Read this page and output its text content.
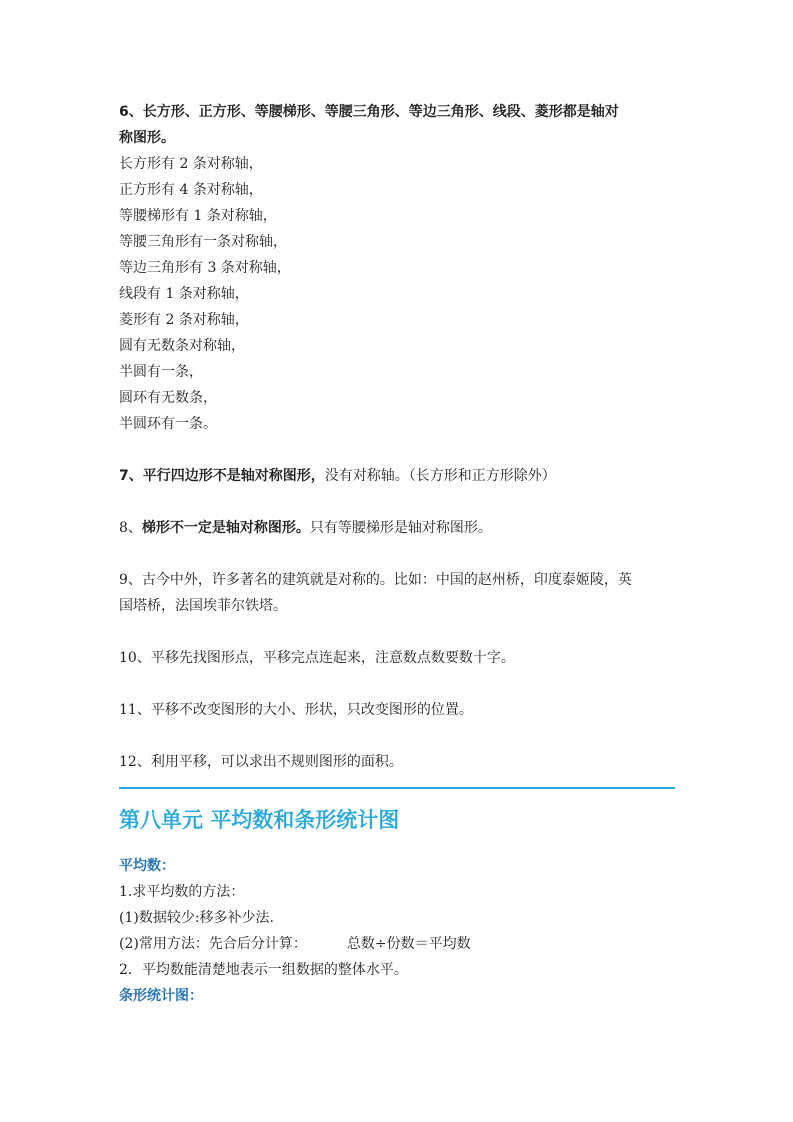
6、长方形、正方形、等腰梯形、等腰三角形、等边三角形、线段、菱形都是轴对

称图形。

长方形有 2 条对称轴，

正方形有 4 条对称轴，

等腰梯形有 1 条对称轴，

等腰三角形有一条对称轴，

等边三角形有 3 条对称轴，

线段有 1 条对称轴，

菱形有 2 条对称轴，

圆有无数条对称轴，

半圆有一条，

圆环有无数条，

半圆环有一条。

7、平行四边形不是轴对称图形，没有对称轴。（长方形和正方形除外）

8、梯形不一定是轴对称图形。只有等腰梯形是轴对称图形。

9、古今中外，许多著名的建筑就是对称的。比如：中国的赵州桥，印度泰姬陵，英

国塔桥，法国埃菲尔铁塔。

10、平移先找图形点，平移完点连起来，注意数点数要数十字。

11、平移不改变图形的大小、形状，只改变图形的位置。

12、利用平移，可以求出不规则图形的面积。

第八单元 平均数和条形统计图

平均数：

1.求平均数的方法：

(1)数据较少:移多补少法.

(2)常用方法：先合后分计算：	总数÷份数＝平均数

2．平均数能清楚地表示一组数据的整体水平。

条形统计图：
